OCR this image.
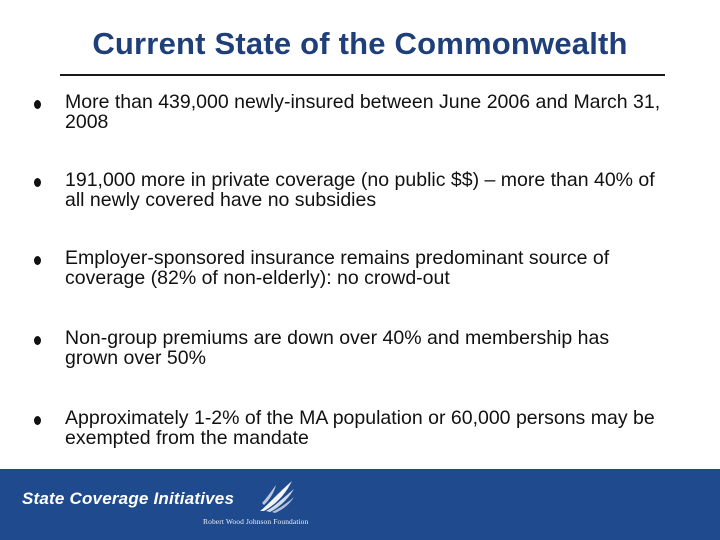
Current State of the Commonwealth
More than 439,000 newly-insured between June 2006 and March 31, 2008
191,000 more in private coverage (no public $$) – more than 40% of all newly covered have no subsidies
Employer-sponsored insurance remains predominant source of coverage (82% of non-elderly): no crowd-out
Non-group premiums are down over 40% and membership has grown over 50%
Approximately 1-2% of the MA population or 60,000 persons may be exempted from the mandate
State Coverage Initiatives
Robert Wood Johnson Foundation
